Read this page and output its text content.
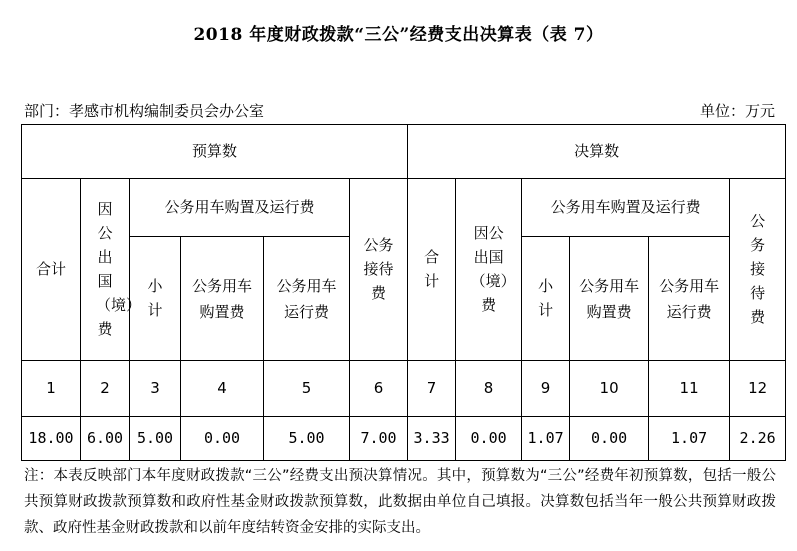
2018 年度财政拨款“三公”经费支出决算表（表 7）
部门：孝感市机构编制委员会办公室	单位：万元
预算数						决算数					
合计	因公出国（境）费	公务用车购置及运行费			公务接待费	合计	因公出国（境）费	公务用车购置及运行费			公务接待费
		小计	公务用车购置费	公务用车运行费				小计	公务用车购置费	公务用车运行费	
1	2	3	4	5	6	7	8	9	10	11	12
18.00	6.00	5.00	0.00	5.00	7.00	3.33	0.00	1.07	0.00	1.07	2.26
注：本表反映部门本年度财政拨款“三公”经费支出预决算情况。其中，预算数为“三公”经费年初预算数，包括一般公共预算财政拨款预算数和政府性基金财政拨款预算数，此数据由单位自己填报。决算数包括当年一般公共预算财政拨款、政府性基金财政拨款和以前年度结转资金安排的实际支出。
